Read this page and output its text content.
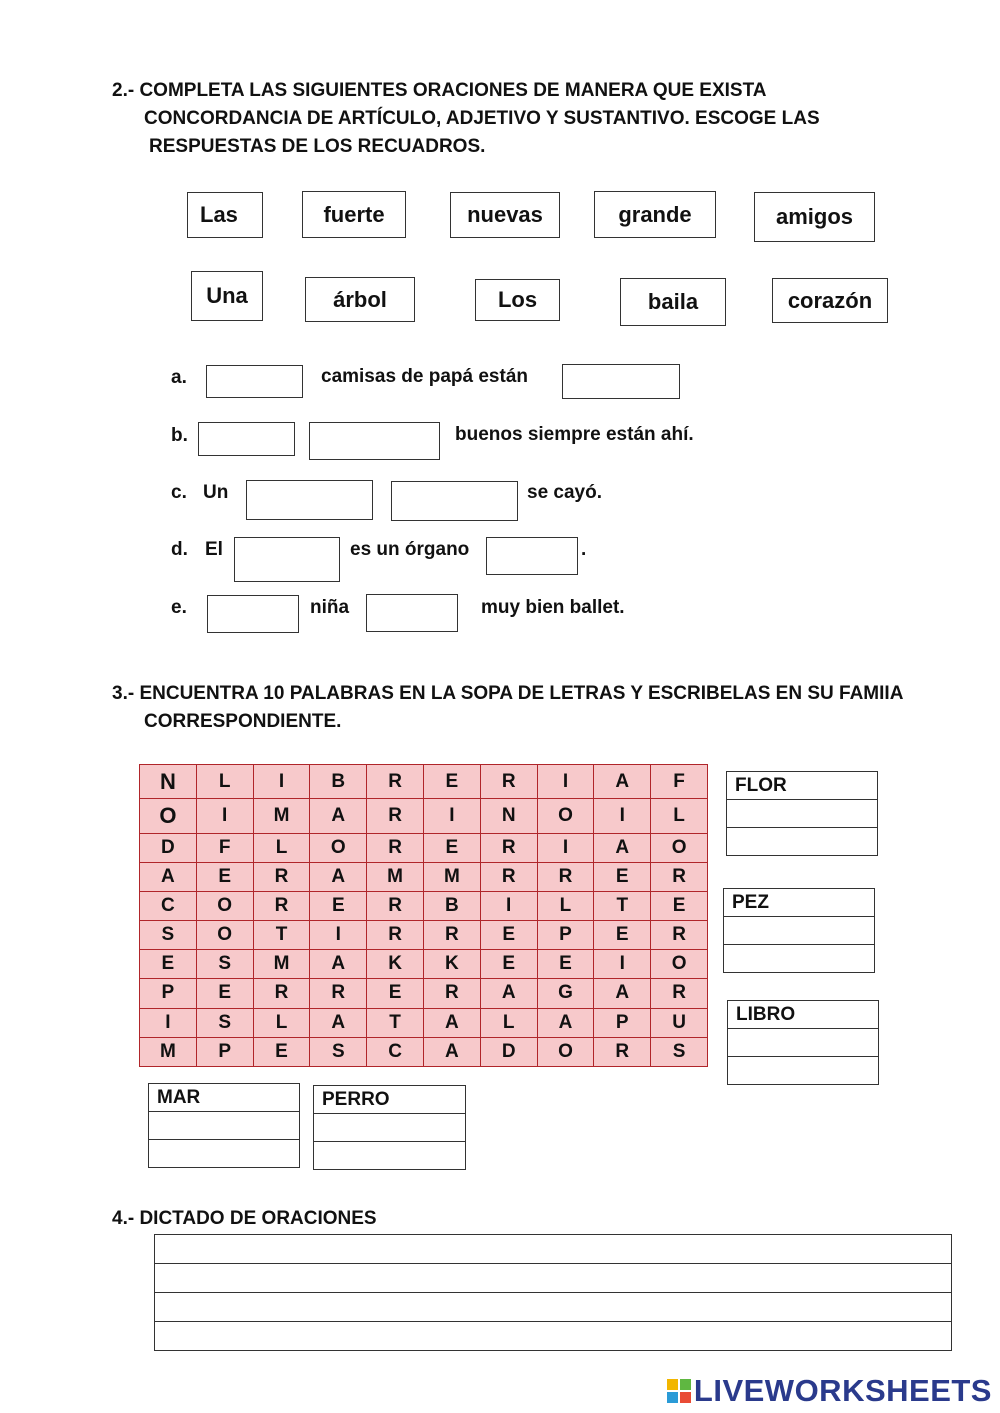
2.- COMPLETA LAS SIGUIENTES ORACIONES DE MANERA QUE EXISTA
CONCORDANCIA DE ARTÍCULO, ADJETIVO Y SUSTANTIVO. ESCOGE LAS
RESPUESTAS DE LOS RECUADROS.
Las	fuerte	nuevas	grande	amigos
Una	árbol	Los	baila	corazón
a.	camisas de papá están
b.	buenos siempre están ahí.
c. Un	se cayó.
d. El	es un órgano	.
e.	niña	muy bien ballet.
3.- ENCUENTRA 10 PALABRAS EN LA SOPA DE LETRAS Y ESCRIBELAS EN SU FAMIIA
CORRESPONDIENTE.
N	L	I	B	R	E	R	I	A	F
O	I	M	A	R	I	N	O	I	L
D	F	L	O	R	E	R	I	A	O
A	E	R	A	M	M	R	R	E	R
C	O	R	E	R	B	I	L	T	E
S	O	T	I	R	R	E	P	E	R
E	S	M	A	K	K	E	E	I	O
P	E	R	R	E	R	A	G	A	R
I	S	L	A	T	A	L	A	P	U
M	P	E	S	C	A	D	O	R	S
FLOR

PEZ

LIBRO

MAR	PERRO

4.- DICTADO DE ORACIONES

LIVEWORKSHEETS
